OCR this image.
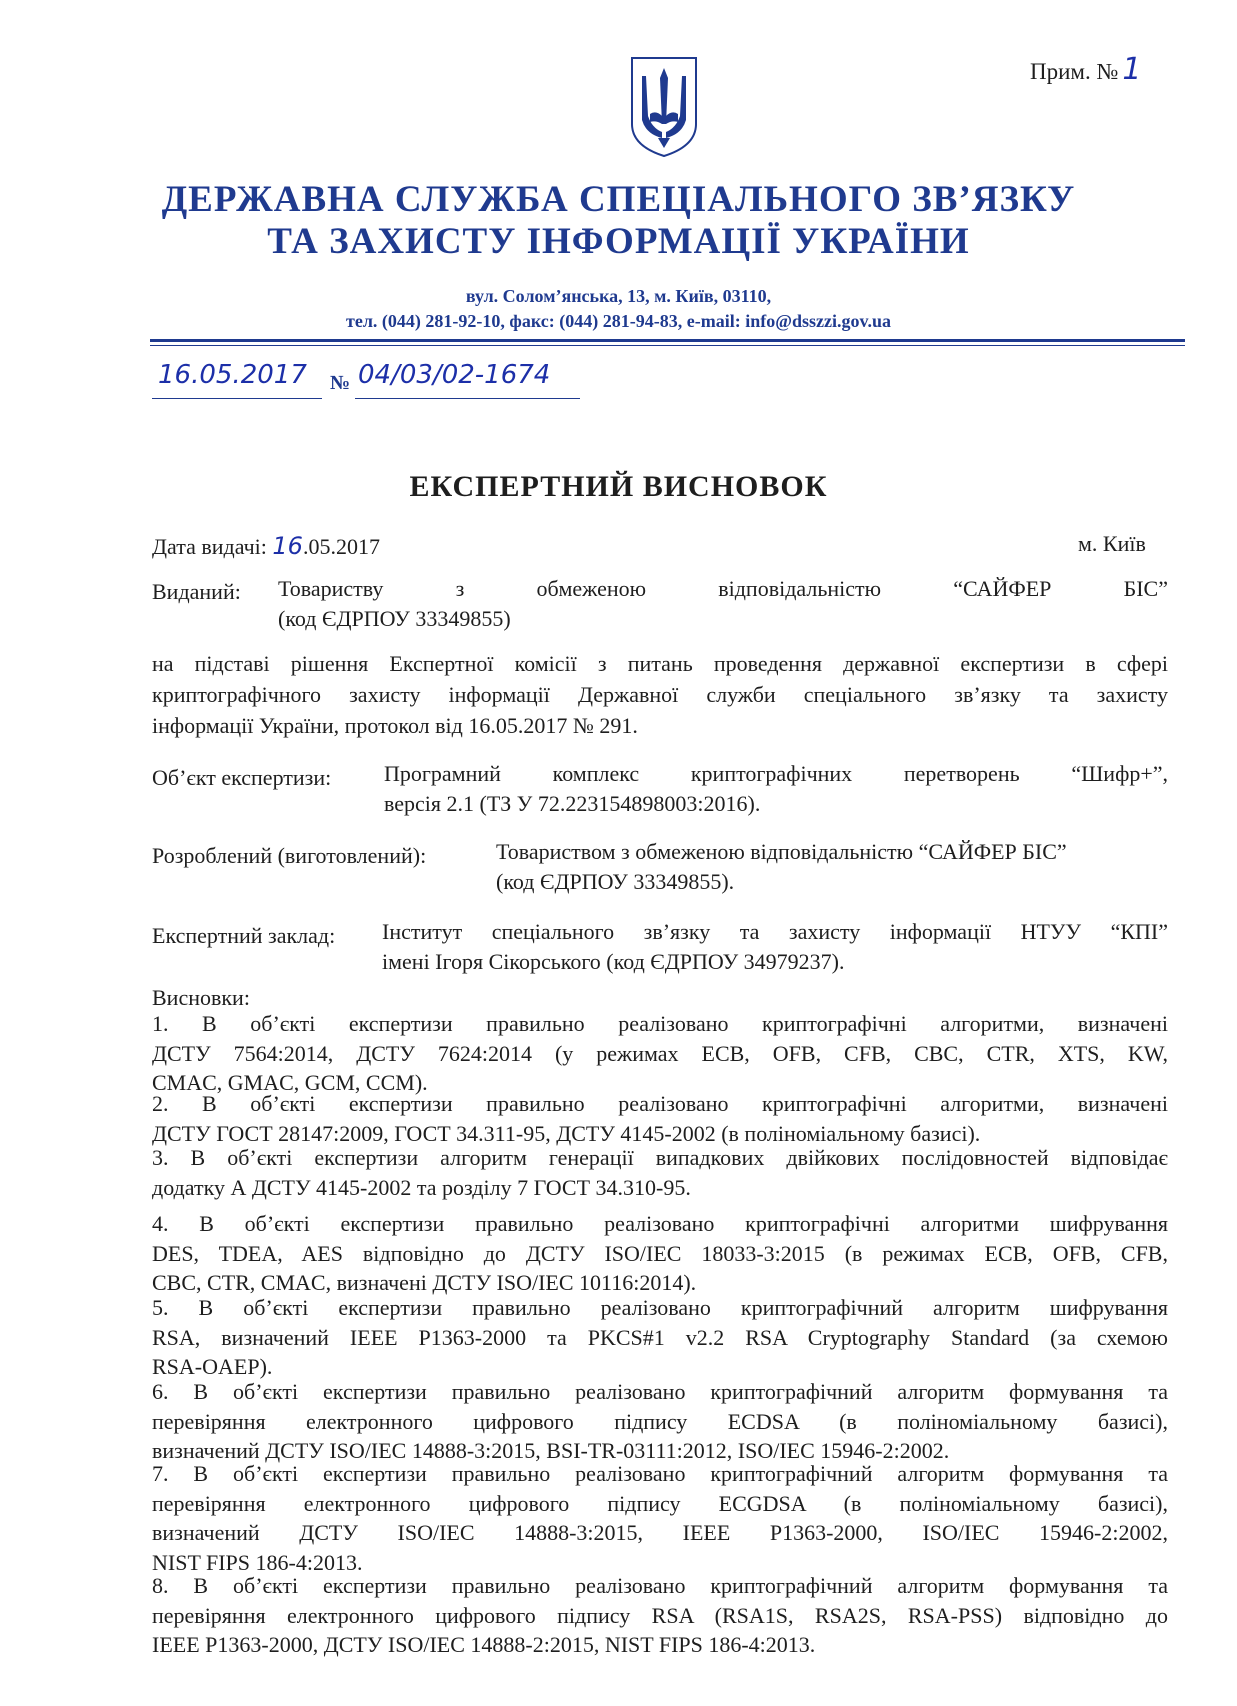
Прим. № 1
ДЕРЖАВНА СЛУЖБА СПЕЦІАЛЬНОГО ЗВ’ЯЗКУ
ТА ЗАХИСТУ ІНФОРМАЦІЇ УКРАЇНИ
вул. Солом’янська, 13, м. Київ, 03110,
тел. (044) 281-92-10, факс: (044) 281-94-83, e-mail: info@dsszzi.gov.ua
16.05.2017 № 04/03/02-1674
ЕКСПЕРТНИЙ ВИСНОВОК
Дата видачі: 16.05.2017	м. Київ
Виданий: Товариству з обмеженою відповідальністю “САЙФЕР БІС”
(код ЄДРПОУ 33349855)
на підставі рішення Експертної комісії з питань проведення державної експертизи в сфері
криптографічного захисту інформації Державної служби спеціального зв’язку та захисту
інформації України, протокол від 16.05.2017 № 291.
Об’єкт експертизи: Програмний комплекс криптографічних перетворень “Шифр+”,
версія 2.1 (ТЗ У 72.223154898003:2016).
Розроблений (виготовлений):	Товариством з обмеженою відповідальністю “САЙФЕР БІС”
(код ЄДРПОУ 33349855).
Експертний заклад: Інститут спеціального зв’язку та захисту інформації НТУУ “КПІ”
імені Ігоря Сікорського (код ЄДРПОУ 34979237).
Висновки:
1. В об’єкті експертизи правильно реалізовано криптографічні алгоритми, визначені
ДСТУ 7564:2014, ДСТУ 7624:2014 (у режимах ECB, OFB, CFB, CBC, CTR, XTS, KW,
CMAC, GMAC, GCM, CCM).
2. В об’єкті експертизи правильно реалізовано криптографічні алгоритми, визначені
ДСТУ ГОСТ 28147:2009, ГОСТ 34.311-95, ДСТУ 4145-2002 (в поліноміальному базисі).
3. В об’єкті експертизи алгоритм генерації випадкових двійкових послідовностей відповідає
додатку А ДСТУ 4145-2002 та розділу 7 ГОСТ 34.310-95.
4. В об’єкті експертизи правильно реалізовано криптографічні алгоритми шифрування
DES, TDEA, AES відповідно до ДСТУ ISO/IEC 18033-3:2015 (в режимах ECB, OFB, CFB,
CBC, CTR, CMAC, визначені ДСТУ ISO/IEC 10116:2014).
5. В об’єкті експертизи правильно реалізовано криптографічний алгоритм шифрування
RSA, визначений IEEE P1363-2000 та PKCS#1 v2.2 RSA Cryptography Standard (за схемою
RSA-OAEP).
6. В об’єкті експертизи правильно реалізовано криптографічний алгоритм формування та
перевіряння електронного цифрового підпису ECDSA (в поліноміальному базисі),
визначений ДСТУ ISO/IEC 14888-3:2015, BSI-TR-03111:2012, ISO/IEC 15946-2:2002.
7. В об’єкті експертизи правильно реалізовано криптографічний алгоритм формування та
перевіряння електронного цифрового підпису ECGDSA (в поліноміальному базисі),
визначений ДСТУ ISO/IEC 14888-3:2015, IEEE P1363-2000, ISO/IEC 15946-2:2002,
NIST FIPS 186-4:2013.
8. В об’єкті експертизи правильно реалізовано криптографічний алгоритм формування та
перевіряння електронного цифрового підпису RSA (RSA1S, RSA2S, RSA-PSS) відповідно до
IEEE P1363-2000, ДСТУ ISO/IEC 14888-2:2015, NIST FIPS 186-4:2013.
